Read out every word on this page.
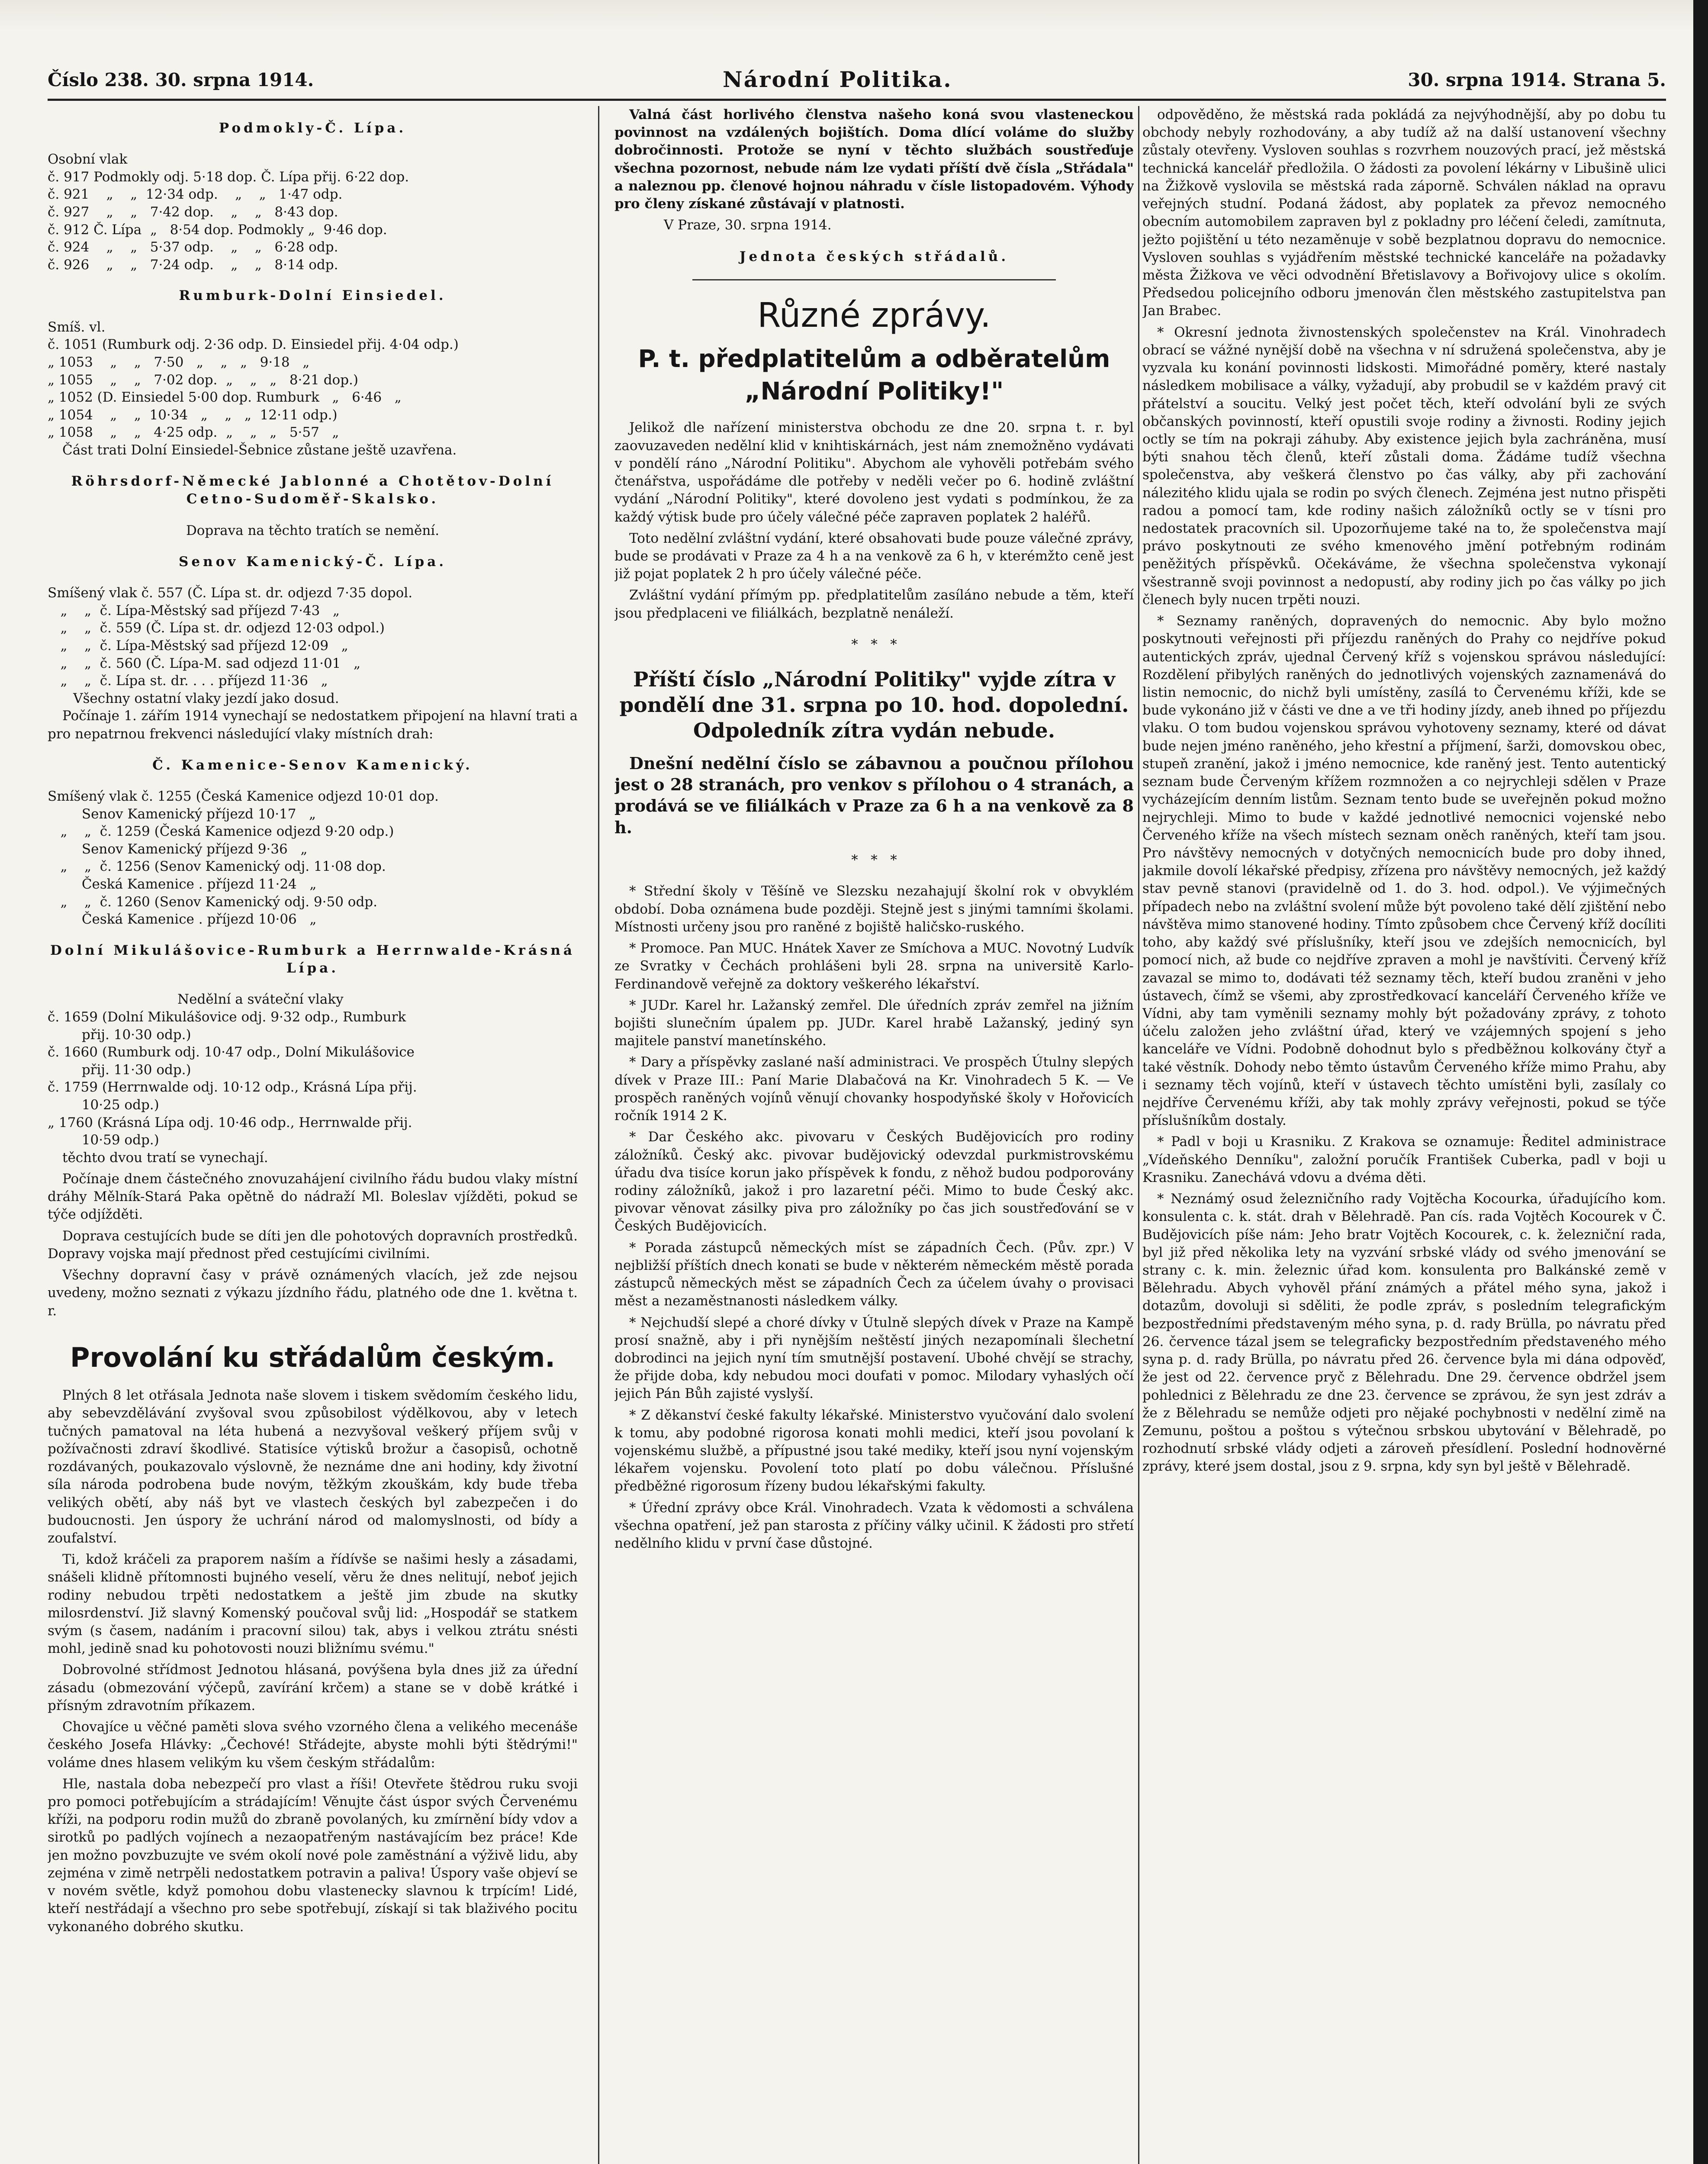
Číslo 238. 30. srpna 1914.	Národní Politika.	30. srpna 1914. Strana 5.

Podmokly-Č. Lípa.

Osobní vlak

č. 917 Podmokly odj. 5·18 dop. Č. Lípa přij. 6·22 dop.

č. 921    „    „  12·34 odp.    „    „   1·47 odp.

č. 927    „    „   7·42 dop.    „    „   8·43 dop.

č. 912 Č. Lípa  „   8·54 dop. Podmokly „  9·46 dop.

č. 924    „    „   5·37 odp.    „    „   6·28 odp.

č. 926    „    „   7·24 odp.    „    „   8·14 odp.

Rumburk-Dolní Einsiedel.

Smíš. vl.

č. 1051 (Rumburk odj. 2·36 odp. D. Einsiedel přij. 4·04 odp.)

„ 1053    „    „   7·50   „    „   „   9·18   „

„ 1055    „    „   7·02 dop.  „    „   „   8·21 dop.)

„ 1052 (D. Einsiedel 5·00 dop. Rumburk   „   6·46   „

„ 1054    „    „  10·34   „    „   „  12·11 odp.)

„ 1058    „    „   4·25 odp.  „    „   „   5·57   „

Část trati Dolní Einsiedel-Šebnice zůstane ještě uzavřena.

Röhrsdorf-Německé Jablonné a Chotětov-Dolní Cetno-Sudoměř-Skalsko.

Doprava na těchto tratích se nemění.

Senov Kamenický-Č. Lípa.

Smíšený vlak č. 557 (Č. Lípa st. dr. odjezd 7·35 dopol.

„    „  č. Lípa-Městský sad příjezd 7·43   „

„    „  č. 559 (Č. Lípa st. dr. odjezd 12·03 odpol.)

„    „  č. Lípa-Městský sad příjezd 12·09   „

„    „  č. 560 (Č. Lípa-M. sad odjezd 11·01   „

„    „  č. Lípa st. dr. . . . příjezd 11·36   „

Všechny ostatní vlaky jezdí jako dosud.

Počínaje 1. zářím 1914 vynechají se nedostatkem připojení na hlavní trati a pro nepatrnou frekvenci následující vlaky místních drah:

Č. Kamenice-Senov Kamenický.

Smíšený vlak č. 1255 (Česká Kamenice odjezd 10·01 dop.

Senov Kamenický příjezd 10·17   „

„    „  č. 1259 (Česká Kamenice odjezd 9·20 odp.)

Senov Kamenický příjezd 9·36   „

„    „  č. 1256 (Senov Kamenický odj. 11·08 dop.

Česká Kamenice . příjezd 11·24   „

„    „  č. 1260 (Senov Kamenický odj. 9·50 odp.

Česká Kamenice . příjezd 10·06   „

Dolní Mikulášovice-Rumburk a Herrnwalde-Krásná Lípa.

Nedělní a sváteční vlaky

č. 1659 (Dolní Mikulášovice odj. 9·32 odp., Rumburk

přij. 10·30 odp.)

č. 1660 (Rumburk odj. 10·47 odp., Dolní Mikulášovice

přij. 11·30 odp.)

č. 1759 (Herrnwalde odj. 10·12 odp., Krásná Lípa přij.

10·25 odp.)

„ 1760 (Krásná Lípa odj. 10·46 odp., Herrnwalde přij.

10·59 odp.)

těchto dvou tratí se vynechají.

Počínaje dnem částečného znovuzahájení civilního řádu budou vlaky místní dráhy Mělník-Stará Paka opětně do nádraží Ml. Boleslav vjížděti, pokud se týče odjížděti.

Doprava cestujících bude se díti jen dle pohotových dopravních prostředků. Dopravy vojska mají přednost před cestujícími civilními.

Všechny dopravní časy v právě oznámených vlacích, jež zde nejsou uvedeny, možno seznati z výkazu jízdního řádu, platného ode dne 1. května t. r.

Provolání ku střádalům českým.

Plných 8 let otřásala Jednota naše slovem i tiskem svědomím českého lidu, aby sebevzdělávání zvyšoval svou způsobilost výdělkovou, aby v letech tučných pamatoval na léta hubená a nezvyšoval veškerý příjem svůj v požívačnosti zdraví škodlivé. Statisíce výtisků brožur a časopisů, ochotně rozdávaných, poukazovalo výslovně, že neznáme dne ani hodiny, kdy životní síla národa podrobena bude novým, těžkým zkouškám, kdy bude třeba velikých obětí, aby náš byt ve vlastech českých byl zabezpečen i do budoucnosti. Jen úspory že uchrání národ od malomyslnosti, od bídy a zoufalství.

Ti, kdož kráčeli za praporem naším a řídívše se našimi hesly a zásadami, snášeli klidně přítomnosti bujného veselí, věru že dnes nelitují, neboť jejich rodiny nebudou trpěti nedostatkem a ještě jim zbude na skutky milosrdenství. Již slavný Komenský poučoval svůj lid: „Hospodář se statkem svým (s časem, nadáním i pracovní silou) tak, abys i velkou ztrátu snésti mohl, jedině snad ku pohotovosti nouzi bližnímu svému."

Dobrovolné střídmost Jednotou hlásaná, povýšena byla dnes již za úřední zásadu (obmezování výčepů, zavírání krčem) a stane se v době krátké i přísným zdravotním příkazem.

Chovajíce u věčné paměti slova svého vzorného člena a velikého mecenáše českého Josefa Hlávky: „Čechové! Střádejte, abyste mohli býti štědrými!" voláme dnes hlasem velikým ku všem českým střádalům:

Hle, nastala doba nebezpečí pro vlast a říši! Otevřete štědrou ruku svoji pro pomoci potřebujícím a strádajícím! Věnujte část úspor svých Červenému kříži, na podporu rodin mužů do zbraně povolaných, ku zmírnění bídy vdov a sirotků po padlých vojínech a nezaopatřeným nastávajícím bez práce! Kde jen možno povzbuzujte ve svém okolí nové pole zaměstnání a výživě lidu, aby zejména v zimě netrpěli nedostatkem potravin a paliva! Úspory vaše objeví se v novém světle, když pomohou dobu vlastenecky slavnou k trpícím! Lidé, kteří nestřádají a všechno pro sebe spotřebují, získají si tak blaživého pocitu vykonaného dobrého skutku.

Valná část horlivého členstva našeho koná svou vlasteneckou povinnost na vzdálených bojištích. Doma dlící voláme do služby dobročinnosti. Protože se nyní v těchto službách soustřeďuje všechna pozornost, nebude nám lze vydati příští dvě čísla „Střádala" a naleznou pp. členové hojnou náhradu v čísle listopadovém. Výhody pro členy získané zůstávají v platnosti.

V Praze, 30. srpna 1914.

Jednota českých střádalů.

Různé zprávy.
P. t. předplatitelům a odběratelům „Národní Politiky!"

Jelikož dle nařízení ministerstva obchodu ze dne 20. srpna t. r. byl zaovuzaveden nedělní klid v knihtiskárnách, jest nám znemožněno vydávati v pondělí ráno „Národní Politiku". Abychom ale vyhověli potřebám svého čtenářstva, uspořádáme dle potřeby v neděli večer po 6. hodině zvláštní vydání „Národní Politiky", které dovoleno jest vydati s podmínkou, že za každý výtisk bude pro účely válečné péče zapraven poplatek 2 haléřů.

Toto nedělní zvláštní vydání, které obsahovati bude pouze válečné zprávy, bude se prodávati v Praze za 4 h a na venkově za 6 h, v kterémžto ceně jest již pojat poplatek 2 h pro účely válečné péče.

Zvláštní vydání přímým pp. předplatitelům zasíláno nebude a těm, kteří jsou předplaceni ve filiálkách, bezplatně nenáleží.

*   *   *

Příští číslo „Národní Politiky" vyjde zítra v pondělí dne 31. srpna po 10. hod. dopolední. Odpoledník zítra vydán nebude.

Dnešní nedělní číslo se zábavnou a poučnou přílohou jest o 28 stranách, pro venkov s přílohou o 4 stranách, a prodává se ve filiálkách v Praze za 6 h a na venkově za 8 h.

*   *   *

* Střední školy v Těšíně ve Slezsku nezahajují školní rok v obvyklém období. Doba oznámena bude později. Stejně jest s jinými tamními školami. Místnosti určeny jsou pro raněné z bojiště haličsko-ruského.

* Promoce. Pan MUC. Hnátek Xaver ze Smíchova a MUC. Novotný Ludvík ze Svratky v Čechách prohlášeni byli 28. srpna na universitě Karlo-Ferdinandově veřejně za doktory veškerého lékařství.

* JUDr. Karel hr. Lažanský zemřel. Dle úředních zpráv zemřel na jižním bojišti slunečním úpalem pp. JUDr. Karel hrabě Lažanský, jediný syn majitele panství manetínského.

* Dary a příspěvky zaslané naší administraci. Ve prospěch Útulny slepých dívek v Praze III.: Paní Marie Dlabačová na Kr. Vinohradech 5 K. — Ve prospěch raněných vojínů věnují chovanky hospodyňské školy v Hořovicích ročník 1914 2 K.

* Dar Českého akc. pivovaru v Českých Budějovicích pro rodiny záložníků. Český akc. pivovar budějovický odevzdal purkmistrovskému úřadu dva tisíce korun jako příspěvek k fondu, z něhož budou podporovány rodiny záložníků, jakož i pro lazaretní péči. Mimo to bude Český akc. pivovar věnovat zásilky piva pro záložníky po čas jich soustřeďování se v Českých Budějovicích.

* Porada zástupců německých míst se západních Čech. (Pův. zpr.) V nejbližší příštích dnech konati se bude v některém německém městě porada zástupců německých měst se západních Čech za účelem úvahy o provisaci měst a nezaměstnanosti následkem války.

* Nejchudší slepé a choré dívky v Útulně slepých dívek v Praze na Kampě prosí snažně, aby i při nynějším neštěstí jiných nezapomínali šlechetní dobrodinci na jejich nyní tím smutnější postavení. Ubohé chvějí se strachy, že přijde doba, kdy nebudou moci doufati v pomoc. Milodary vyhaslých očí jejich Pán Bůh zajisté vyslyší.

* Z děkanství české fakulty lékařské. Ministerstvo vyučování dalo svolení k tomu, aby podobné rigorosa konati mohli medici, kteří jsou povolaní k vojenskému službě, a přípustné jsou také mediky, kteří jsou nyní vojenským lékařem vojensku. Povolení toto platí po dobu válečnou. Příslušné předběžné rigorosum řízeny budou lékařskými fakulty.

* Úřední zprávy obce Král. Vinohradech. Vzata k vědomosti a schválena všechna opatření, jež pan starosta z příčiny války učinil. K žádosti pro střetí nedělního klidu v první čase důstojné.

odpověděno, že městská rada pokládá za nejvýhodnější, aby po dobu tu obchody nebyly rozhodovány, a aby tudíž až na další ustanovení všechny zůstaly otevřeny. Vysloven souhlas s rozvrhem nouzových prací, jež městská technická kancelář předložila. O žádosti za povolení lékárny v Libušině ulici na Žižkově vyslovila se městská rada záporně. Schválen náklad na opravu veřejných studní. Podaná žádost, aby poplatek za převoz nemocného obecním automobilem zapraven byl z pokladny pro léčení čeledi, zamítnuta, ježto pojištění u této nezaměnuje v sobě bezplatnou dopravu do nemocnice. Vysloven souhlas s vyjádřením městské technické kanceláře na požadavky města Žižkova ve věci odvodnění Břetislavovy a Bořivojovy ulice s okolím. Předsedou policejního odboru jmenován člen městského zastupitelstva pan Jan Brabec.

* Okresní jednota živnostenských společenstev na Král. Vinohradech obrací se vážné nynější době na všechna v ní sdružená společenstva, aby je vyzvala ku konání povinnosti lidskosti. Mimořádné poměry, které nastaly následkem mobilisace a války, vyžadují, aby probudil se v každém pravý cit přátelství a soucitu. Velký jest počet těch, kteří odvolání byli ze svých občanských povinností, kteří opustili svoje rodiny a živnosti. Rodiny jejich octly se tím na pokraji záhuby. Aby existence jejich byla zachráněna, musí býti snahou těch členů, kteří zůstali doma. Žádáme tudíž všechna společenstva, aby veškerá členstvo po čas války, aby při zachování nálezitého klidu ujala se rodin po svých členech. Zejména jest nutno přispěti radou a pomocí tam, kde rodiny našich záložníků octly se v tísni pro nedostatek pracovních sil. Upozorňujeme také na to, že společenstva mají právo poskytnouti ze svého kmenového jmění potřebným rodinám peněžitých příspěvků. Očekáváme, že všechna společenstva vykonají všestranně svoji povinnost a nedopustí, aby rodiny jich po čas války po jich členech byly nucen trpěti nouzi.

* Seznamy raněných, dopravených do nemocnic. Aby bylo možno poskytnouti veřejnosti při příjezdu raněných do Prahy co nejdříve pokud autentických zpráv, ujednal Červený kříž s vojenskou správou následující: Rozdělení přibylých raněných do jednotlivých vojenských zaznamenává do listin nemocnic, do nichž byli umístěny, zasílá to Červenému kříži, kde se bude vykonáno již v části ve dne a ve tři hodiny jízdy, aneb ihned po příjezdu vlaku. O tom budou vojenskou správou vyhotoveny seznamy, které od dávat bude nejen jméno raněného, jeho křestní a příjmení, šarži, domovskou obec, stupeň zranění, jakož i jméno nemocnice, kde raněný jest. Tento autentický seznam bude Červeným křížem rozmnožen a co nejrychleji sdělen v Praze vycházejícím denním listům. Seznam tento bude se uveřejněn pokud možno nejrychleji. Mimo to bude v každé jednotlivé nemocnici vojenské nebo Červeného kříže na všech místech seznam oněch raněných, kteří tam jsou. Pro návštěvy nemocných v dotyčných nemocnicích bude pro doby ihned, jakmile dovolí lékařské předpisy, zřízena pro návštěvy nemocných, jež každý stav pevně stanovi (pravidelně od 1. do 3. hod. odpol.). Ve výjimečných případech nebo na zvláštní svolení může být povoleno také dělí zjištění nebo návštěva mimo stanovené hodiny. Tímto způsobem chce Červený kříž docíliti toho, aby každý své příslušníky, kteří jsou ve zdejších nemocnicích, byl pomocí nich, až bude co nejdříve zpraven a mohl je navštíviti. Červený kříž zavazal se mimo to, dodávati též seznamy těch, kteří budou zraněni v jeho ústavech, čímž se všemi, aby zprostředkovací kanceláří Červeného kříže ve Vídni, aby tam vyměnili seznamy mohly být požadovány zprávy, z tohoto účelu založen jeho zvláštní úřad, který ve vzájemných spojení s jeho kanceláře ve Vídni. Podobně dohodnut bylo s předběžnou kolkovány čtyř a také věstník. Dohody nebo těmto ústavům Červeného kříže mimo Prahu, aby i seznamy těch vojínů, kteří v ústavech těchto umístěni byli, zasílaly co nejdříve Červenému kříži, aby tak mohly zprávy veřejnosti, pokud se týče příslušníkům dostaly.

* Padl v boji u Krasniku. Z Krakova se oznamuje: Ředitel administrace „Vídeňského Denníku", založní poručík František Cuberka, padl v boji u Krasniku. Zanechává vdovu a dvéma děti.

* Neznámý osud železničního rady Vojtěcha Kocourka, úřadujícího kom. konsulenta c. k. stát. drah v Bělehradě. Pan cís. rada Vojtěch Kocourek v Č. Budějovicích píše nám: Jeho bratr Vojtěch Kocourek, c. k. železniční rada, byl již před několika lety na vyzvání srbské vlády od svého jmenování se strany c. k. min. železnic úřad kom. konsulenta pro Balkánské země v Bělehradu. Abych vyhověl přání známých a přátel mého syna, jakož i dotazům, dovoluji si sděliti, že podle zpráv, s posledním telegrafickým bezpostředními představeným mého syna, p. d. rady Brülla, po návratu před 26. července tázal jsem se telegraficky bezpostředním představeného mého syna p. d. rady Brülla, po návratu před 26. července byla mi dána odpověď, že jest od 22. července pryč z Bělehradu. Dne 29. července obdržel jsem pohlednici z Bělehradu ze dne 23. července se zprávou, že syn jest zdráv a že z Bělehradu se nemůže odjeti pro nějaké pochybnosti v nedělní zimě na Zemunu, poštou a poštou s výtečnou srbskou ubytování v Bělehradě, po rozhodnutí srbské vlády odjeti a zároveň přesídlení. Poslední hodnověrné zprávy, které jsem dostal, jsou z 9. srpna, kdy syn byl ještě v Bělehradě.
